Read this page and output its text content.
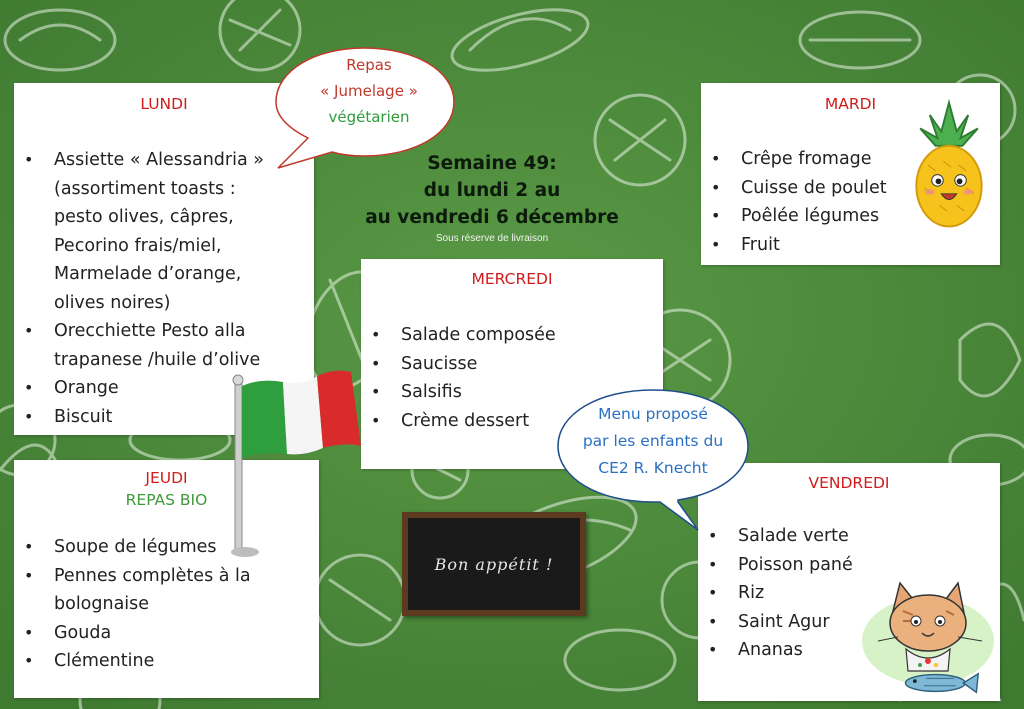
Semaine 49:
du lundi 2 au
au vendredi 6 décembre
Sous réserve de livraison

LUNDI

• Assiette « Alessandria »
(assortiment toasts :
pesto olives, câpres,
Pecorino frais/miel,
Marmelade d’orange,
olives noires)
• Orecchiette Pesto alla
trapanese /huile d’olive
• Orange
• Biscuit

MARDI

• Crêpe fromage
• Cuisse de poulet
• Poêlée légumes
• Fruit

MERCREDI

• Salade composée
• Saucisse
• Salsifis
• Crème dessert

JEUDI

REPAS BIO

• Soupe de légumes
• Pennes complètes à la
bolognaise
• Gouda
• Clémentine

VENDREDI

• Salade verte
• Poisson pané
• Riz
• Saint Agur
• Ananas
Repas
« Jumelage »
végétarien
Menu proposé
par les enfants du
CE2 R. Knecht
Bon appétit !
